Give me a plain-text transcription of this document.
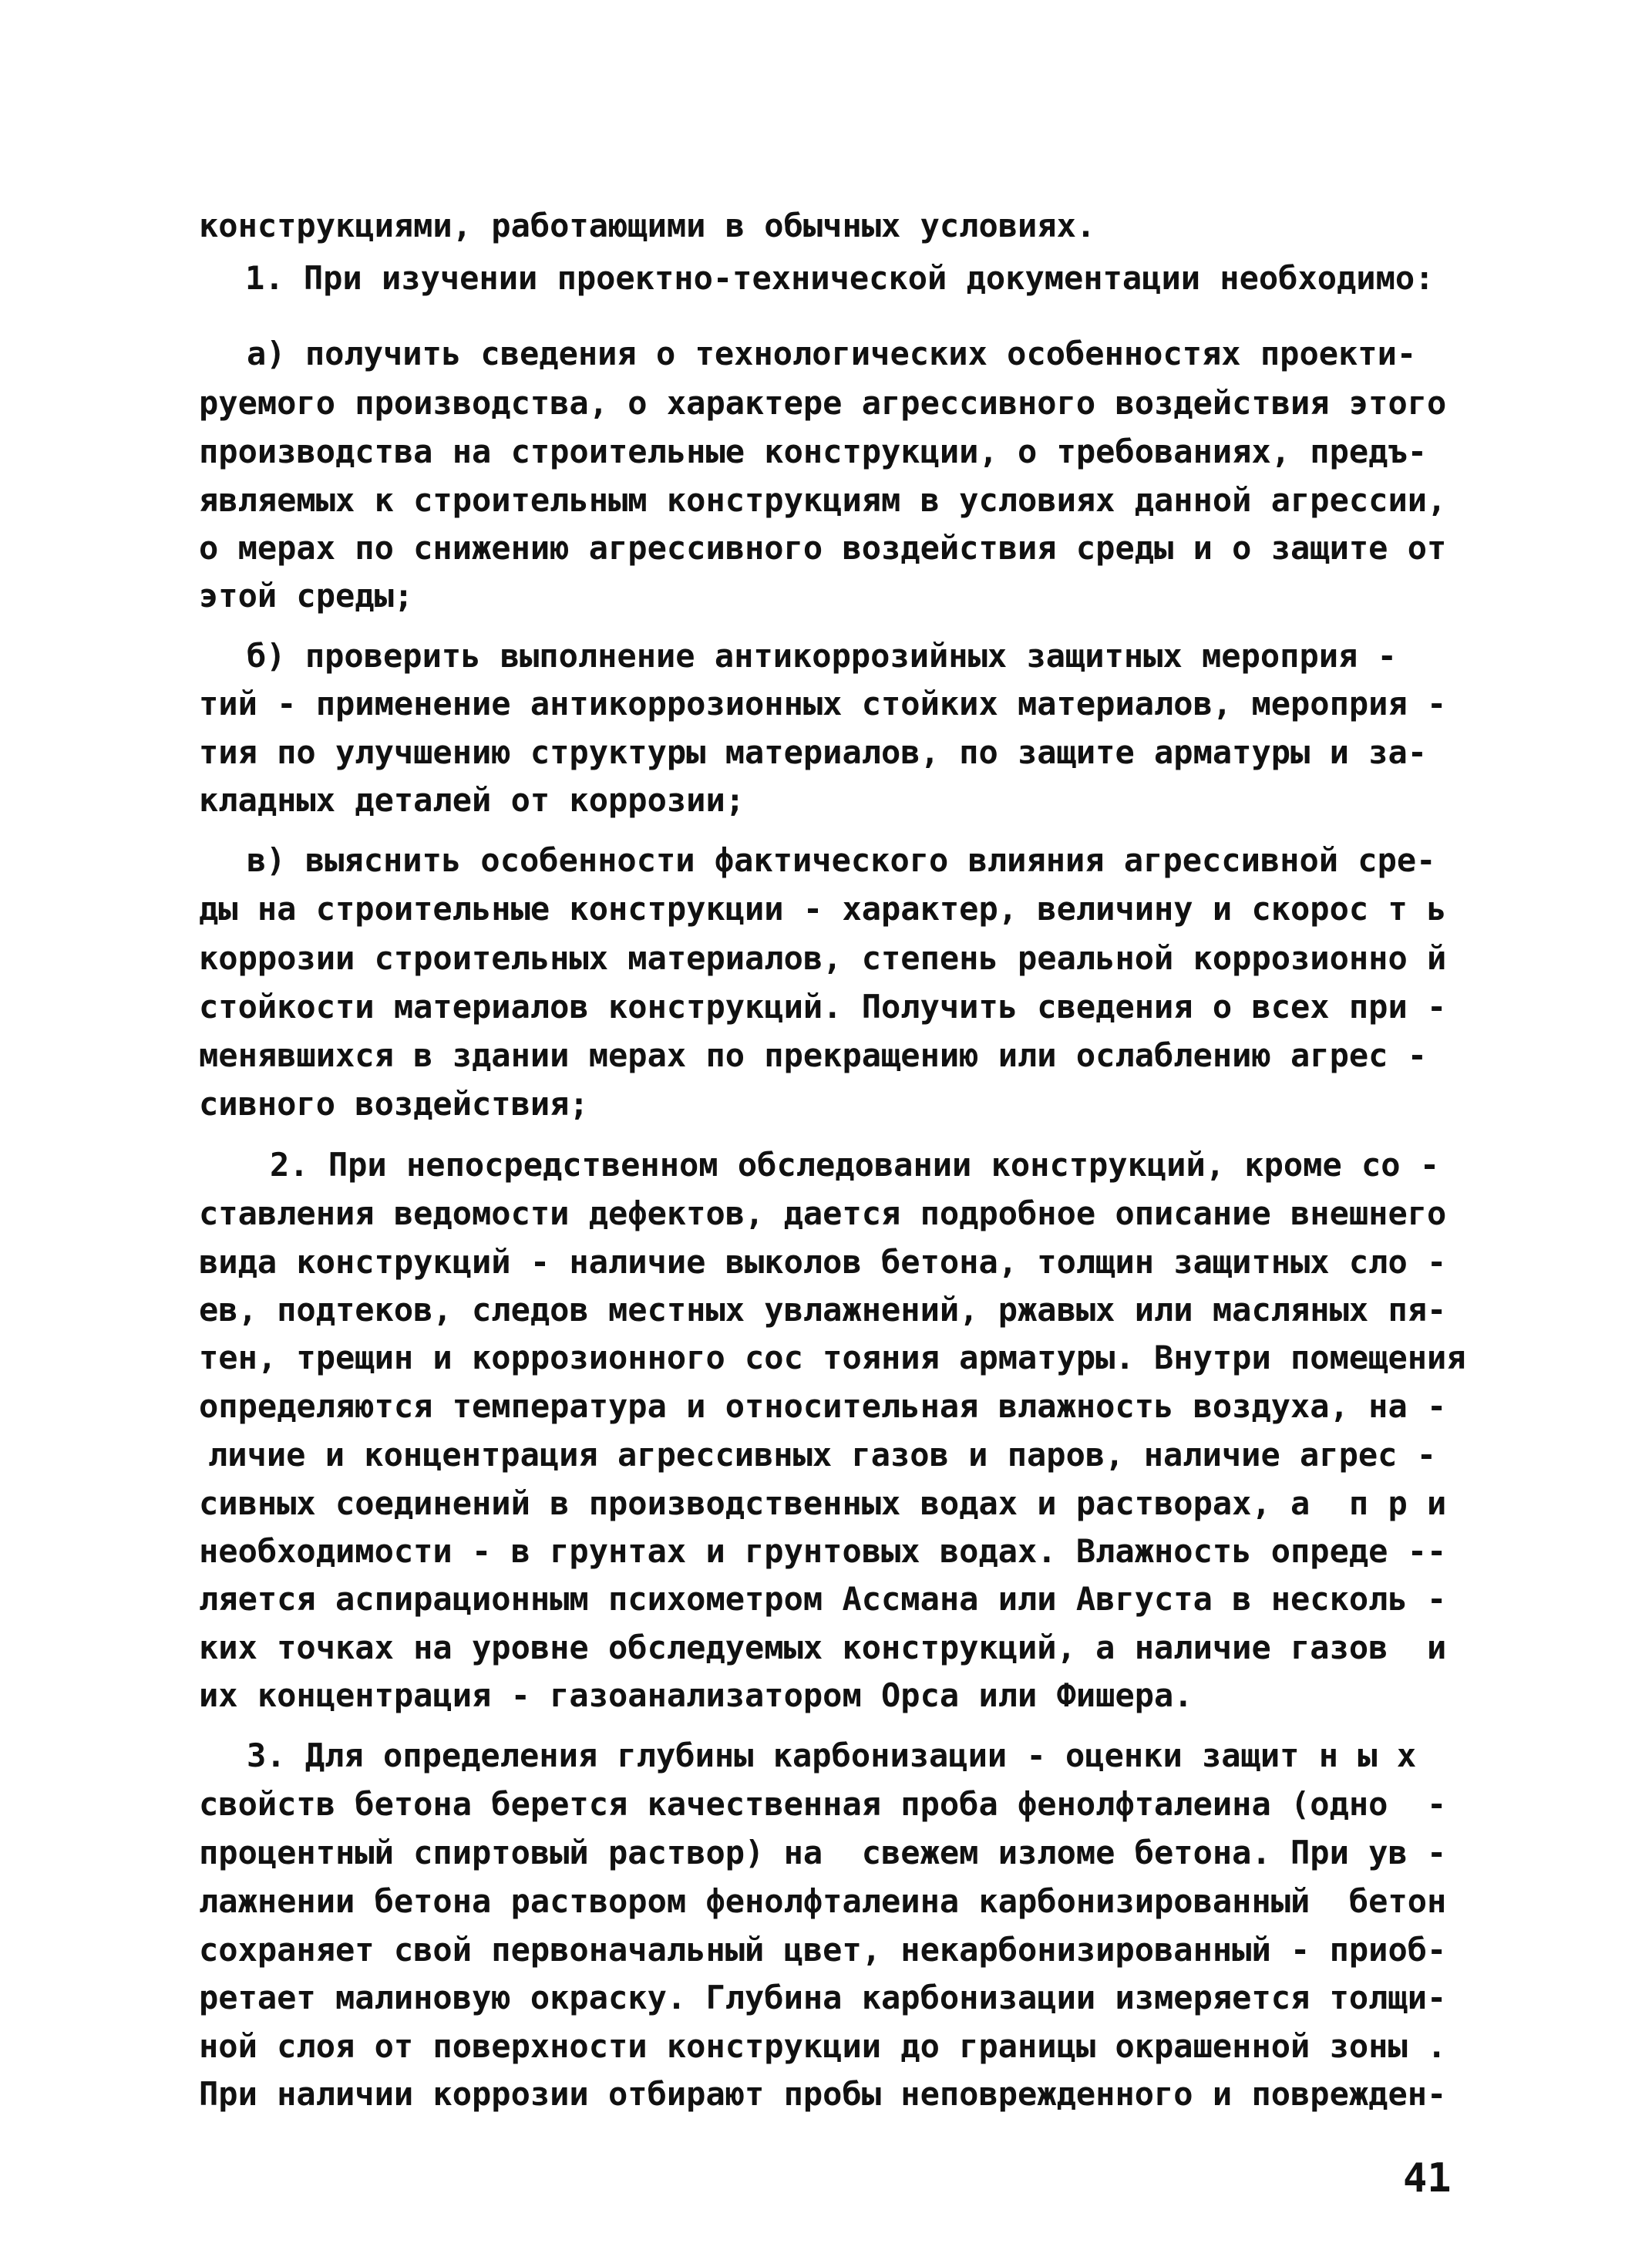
конструкциями, работающими в обычных условиях.
1. При изучении проектно-технической документации необходимо:
а) получить сведения о технологических особенностях проекти-
руемого производства, о характере агрессивного воздействия этого
производства на строительные конструкции, о требованиях, предъ-
являемых к строительным конструкциям в условиях данной агрессии,
о мерах по снижению агрессивного воздействия среды и о защите от
этой среды;
б) проверить выполнение антикоррозийных защитных мероприя -
тий - применение антикоррозионных стойких материалов, мероприя -
тия по улучшению структуры материалов, по защите арматуры и за-
кладных деталей от коррозии;
в) выяснить особенности фактического влияния агрессивной сре-
ды на строительные конструкции - характер, величину и скорос т ь
коррозии строительных материалов, степень реальной коррозионно й
стойкости материалов конструкций. Получить сведения о всех при -
менявшихся в здании мерах по прекращению или ослаблению агрес -
сивного воздействия;
2. При непосредственном обследовании конструкций, кроме со -
ставления ведомости дефектов, дается подробное описание внешнего
вида конструкций - наличие выколов бетона, толщин защитных сло -
ев, подтеков, следов местных увлажнений, ржавых или масляных пя-
тен, трещин и коррозионного сос тояния арматуры. Внутри помещения
определяются температура и относительная влажность воздуха, на -
личие и концентрация агрессивных газов и паров, наличие агрес -
сивных соединений в производственных водах и растворах, а  п р и
необходимости - в грунтах и грунтовых водах. Влажность опреде --
ляется аспирационным психометром Ассмана или Августа в несколь -
ких точках на уровне обследуемых конструкций, а наличие газов  и
их концентрация - газоанализатором Орса или Фишера.
3. Для определения глубины карбонизации - оценки защит н ы х
свойств бетона берется качественная проба фенолфталеина (одно  -
процентный спиртовый раствор) на  свежем изломе бетона. При ув -
лажнении бетона раствором фенолфталеина карбонизированный  бетон
сохраняет свой первоначальный цвет, некарбонизированный - приоб-
ретает малиновую окраску. Глубина карбонизации измеряется толщи-
ной слоя от поверхности конструкции до границы окрашенной зоны .
При наличии коррозии отбирают пробы неповрежденного и поврежден-
41
